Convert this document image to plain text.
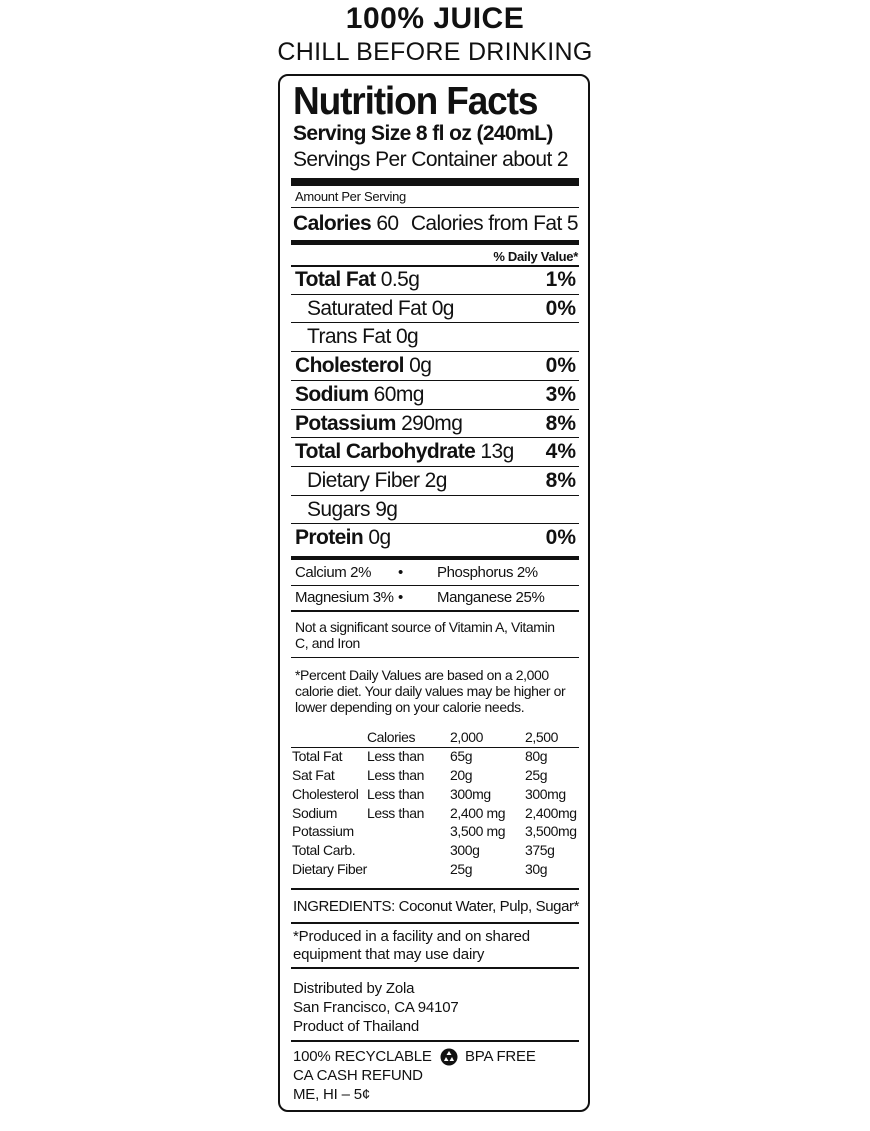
100% JUICE
CHILL BEFORE DRINKING
Nutrition Facts
Serving Size 8 fl oz (240mL)
Servings Per Container about 2
Amount Per Serving
Calories 60 Calories from Fat 5
% Daily Value*
Total Fat 0.5g	1%
Saturated Fat 0g	0%
Trans Fat 0g
Cholesterol 0g	0%
Sodium 60mg	3%
Potassium 290mg	8%
Total Carbohydrate 13g 4%
Dietary Fiber 2g	8%
Sugars 9g
Protein 0g	0%
Calcium 2% • Phosphorus 2%
Magnesium 3% • Manganese 25%
Not a significant source of Vitamin A, Vitamin C, and Iron
*Percent Daily Values are based on a 2,000 calorie diet. Your daily values may be higher or lower depending on your calorie needs.
	Calories	2,000	2,500
Total Fat	Less than	65g	80g
Sat Fat	Less than	20g	25g
Cholesterol	Less than	300mg	300mg
Sodium	Less than	2,400 mg	2,400mg
Potassium		3,500 mg	3,500mg
Total Carb.		300g	375g
Dietary Fiber		25g	30g
INGREDIENTS: Coconut Water, Pulp, Sugar*
*Produced in a facility and on shared equipment that may use dairy
Distributed by Zola
San Francisco, CA 94107
Product of Thailand
100% RECYCLABLE BPA FREE
CA CASH REFUND
ME, HI – 5¢
